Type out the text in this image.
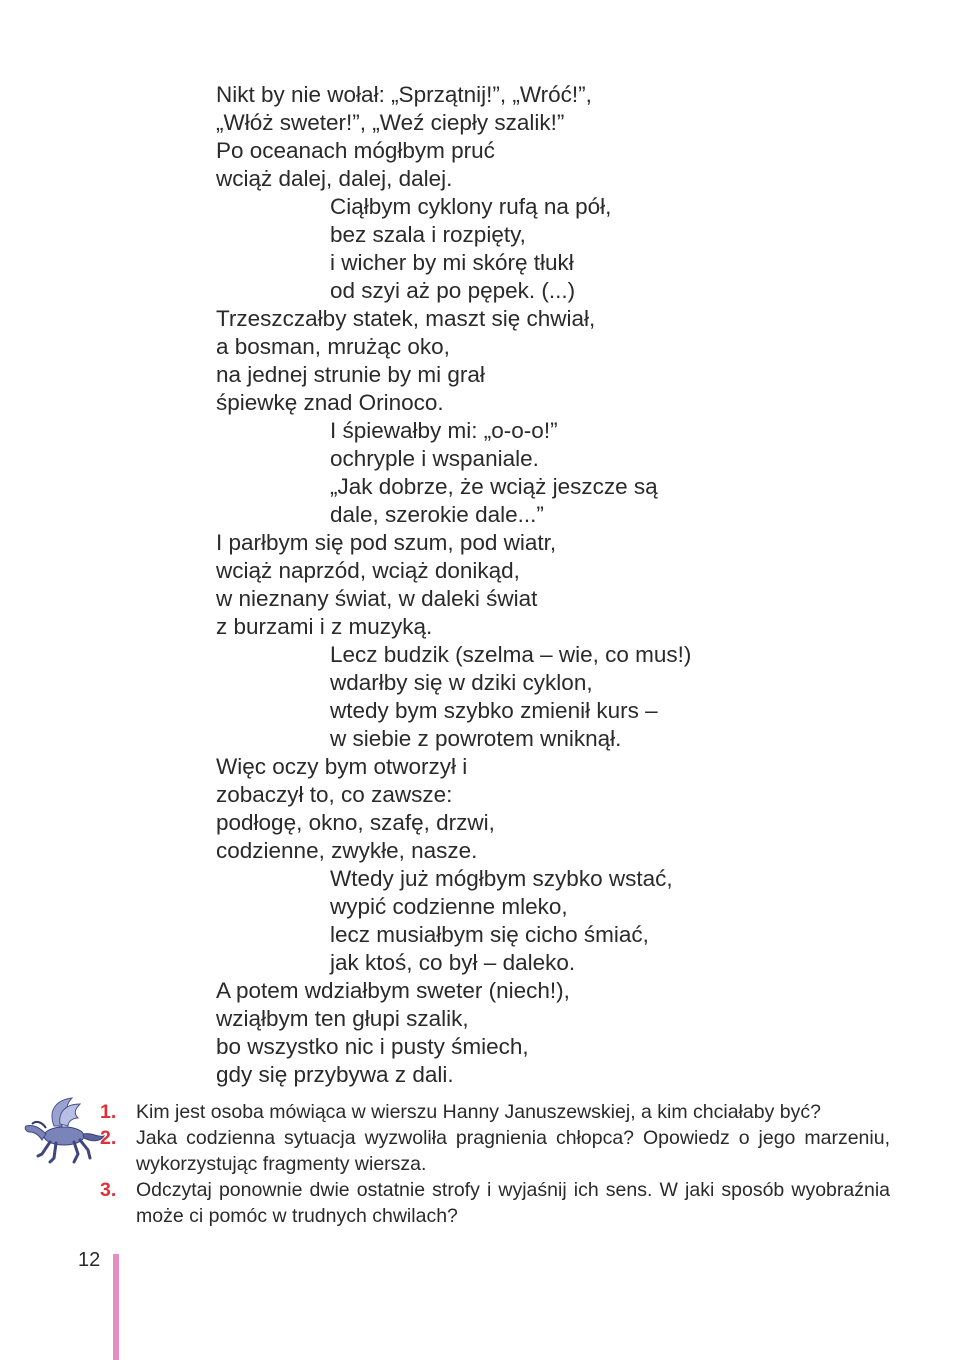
Nikt by nie wołał: „Sprzątnij!”, „Wróć!”,
„Włóż sweter!”, „Weź ciepły szalik!”
Po oceanach mógłbym pruć
wciąż dalej, dalej, dalej.
Ciąłbym cyklony rufą na pół,
bez szala i rozpięty,
i wicher by mi skórę tłukł
od szyi aż po pępek. (...)
Trzeszczałby statek, maszt się chwiał,
a bosman, mrużąc oko,
na jednej strunie by mi grał
śpiewkę znad Orinoco.
I śpiewałby mi: „o-o-o!”
ochryple i wspaniale.
„Jak dobrze, że wciąż jeszcze są
dale, szerokie dale...”
I parłbym się pod szum, pod wiatr,
wciąż naprzód, wciąż donikąd,
w nieznany świat, w daleki świat
z burzami i z muzyką.
Lecz budzik (szelma – wie, co mus!)
wdarłby się w dziki cyklon,
wtedy bym szybko zmienił kurs –
w siebie z powrotem wniknął.
Więc oczy bym otworzył i
zobaczył to, co zawsze:
podłogę, okno, szafę, drzwi,
codzienne, zwykłe, nasze.
Wtedy już mógłbym szybko wstać,
wypić codzienne mleko,
lecz musiałbym się cicho śmiać,
jak ktoś, co był – daleko.
A potem wdziałbym sweter (niech!),
wziąłbym ten głupi szalik,
bo wszystko nic i pusty śmiech,
gdy się przybywa z dali.
1. Kim jest osoba mówiąca w wierszu Hanny Januszewskiej, a kim chciałaby być?
2. Jaka codzienna sytuacja wyzwoliła pragnienia chłopca? Opowiedz o jego marzeniu, wykorzystując fragmenty wiersza.
3. Odczytaj ponownie dwie ostatnie strofy i wyjaśnij ich sens. W jaki sposób wyobraźnia może ci pomóc w trudnych chwilach?
12
